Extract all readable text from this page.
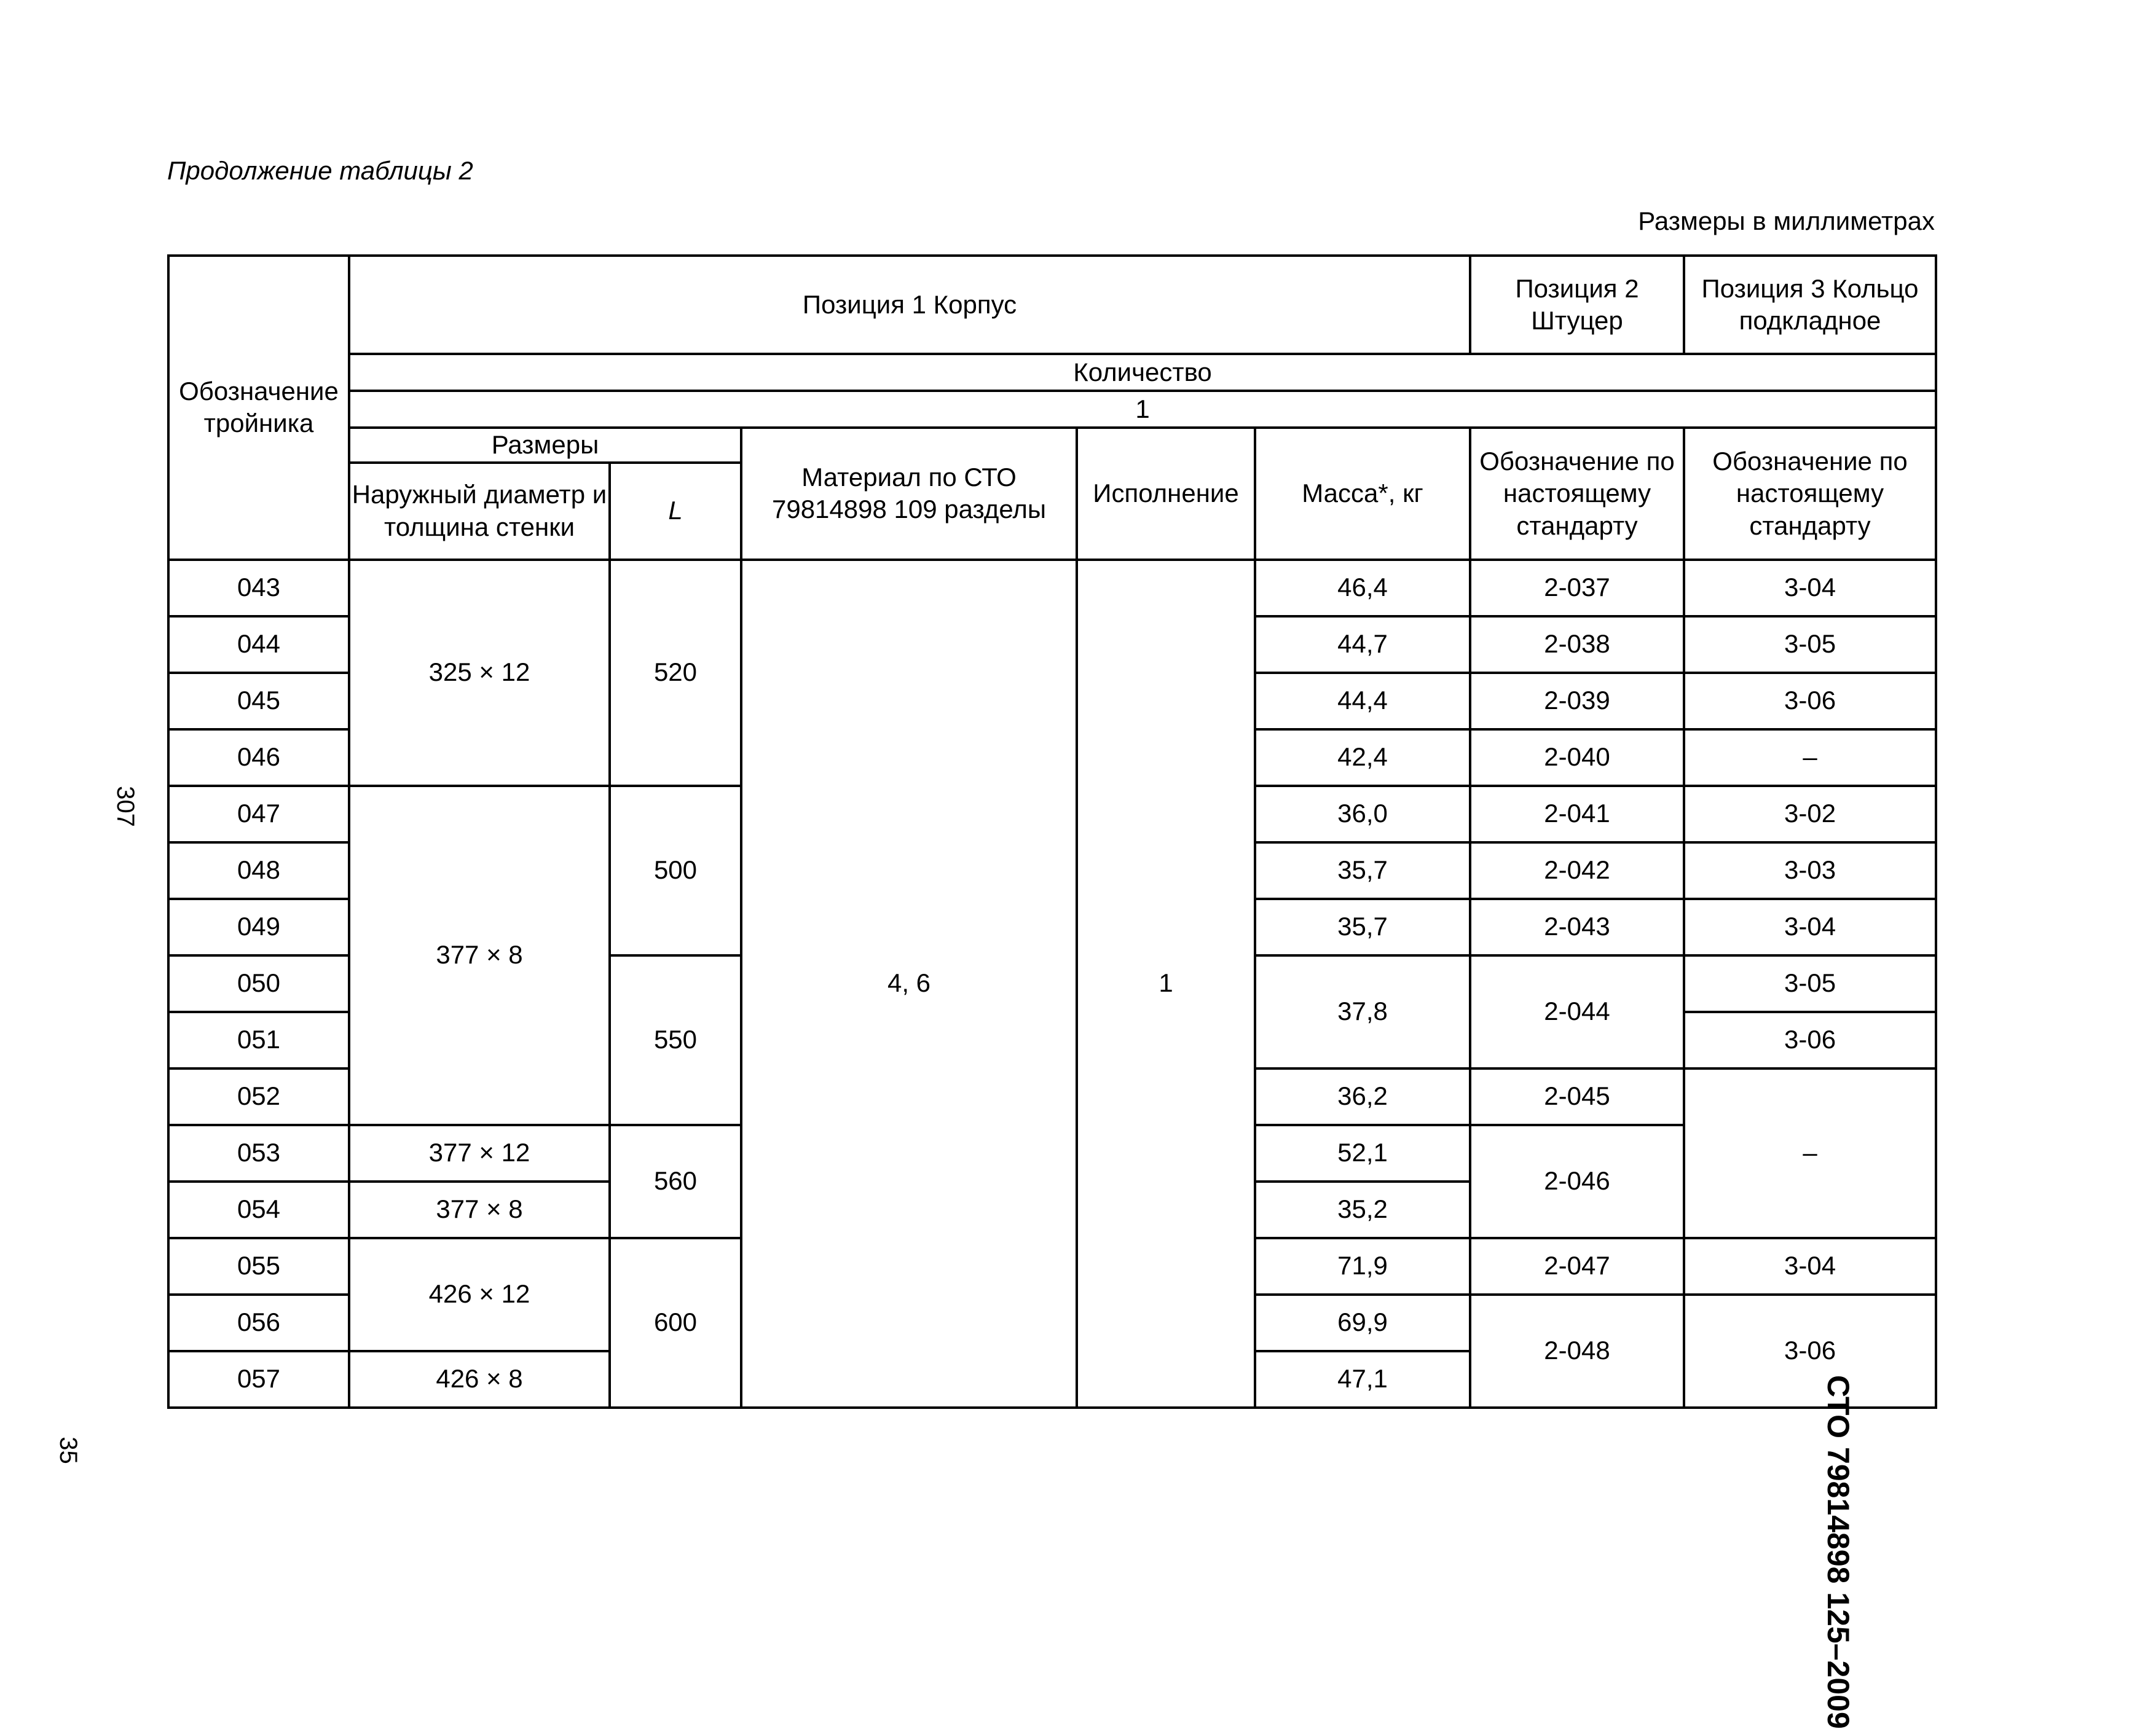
Продолжение таблицы 2
Размеры в миллиметрах
307
35	СТО 79814898 125–2009
Обозначение тройника	Позиция 1 Корпус					Позиция 2 Штуцер	Позиция 3 Кольцо подкладное
	Количество						
	1						
	Размеры		Материал по СТО 79814898 109 разделы	Исполнение	Масса*, кг	Обозначение по настоящему стандарту	Обозначение по настоящему стандарту
	Наружный диаметр и толщина стенки	L					
043	325 × 12	520	4, 6	1	46,4	2-037	3-04
044					44,7	2-038	3-05
045					44,4	2-039	3-06
046					42,4	2-040	–
047	377 × 8	500			36,0	2-041	3-02
048					35,7	2-042	3-03
049					35,7	2-043	3-04
050		550			37,8	2-044	3-05
051							3-06
052					36,2	2-045	–
053	377 × 12	560			52,1	2-046	
054	377 × 8				35,2		
055	426 × 12	600			71,9	2-047	3-04
056					69,9	2-048	3-06
057	426 × 8				47,1		
